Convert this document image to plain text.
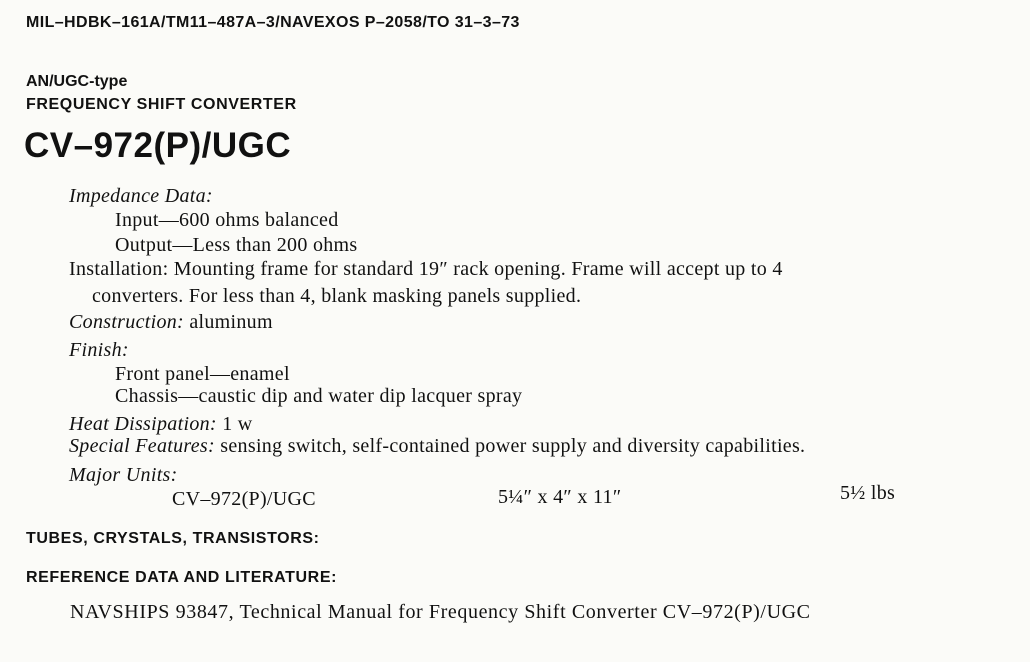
MIL–HDBK–161A/TM11–487A–3/NAVEXOS P–2058/TO 31–3–73
AN/UGC-type
FREQUENCY SHIFT CONVERTER
CV–972(P)/UGC
Impedance Data:
Input—600 ohms balanced
Output—Less than 200 ohms
Installation: Mounting frame for standard 19″ rack opening. Frame will accept up to 4
converters. For less than 4, blank masking panels supplied.
Construction: aluminum
Finish:
Front panel—enamel
Chassis—caustic dip and water dip lacquer spray
Heat Dissipation: 1 w
Special Features: sensing switch, self-contained power supply and diversity capabilities.
Major Units:
CV–972(P)/UGC	5¼″ x 4″ x 11″	5½ lbs
TUBES, CRYSTALS, TRANSISTORS:
REFERENCE DATA AND LITERATURE:
NAVSHIPS 93847, Technical Manual for Frequency Shift Converter CV–972(P)/UGC
